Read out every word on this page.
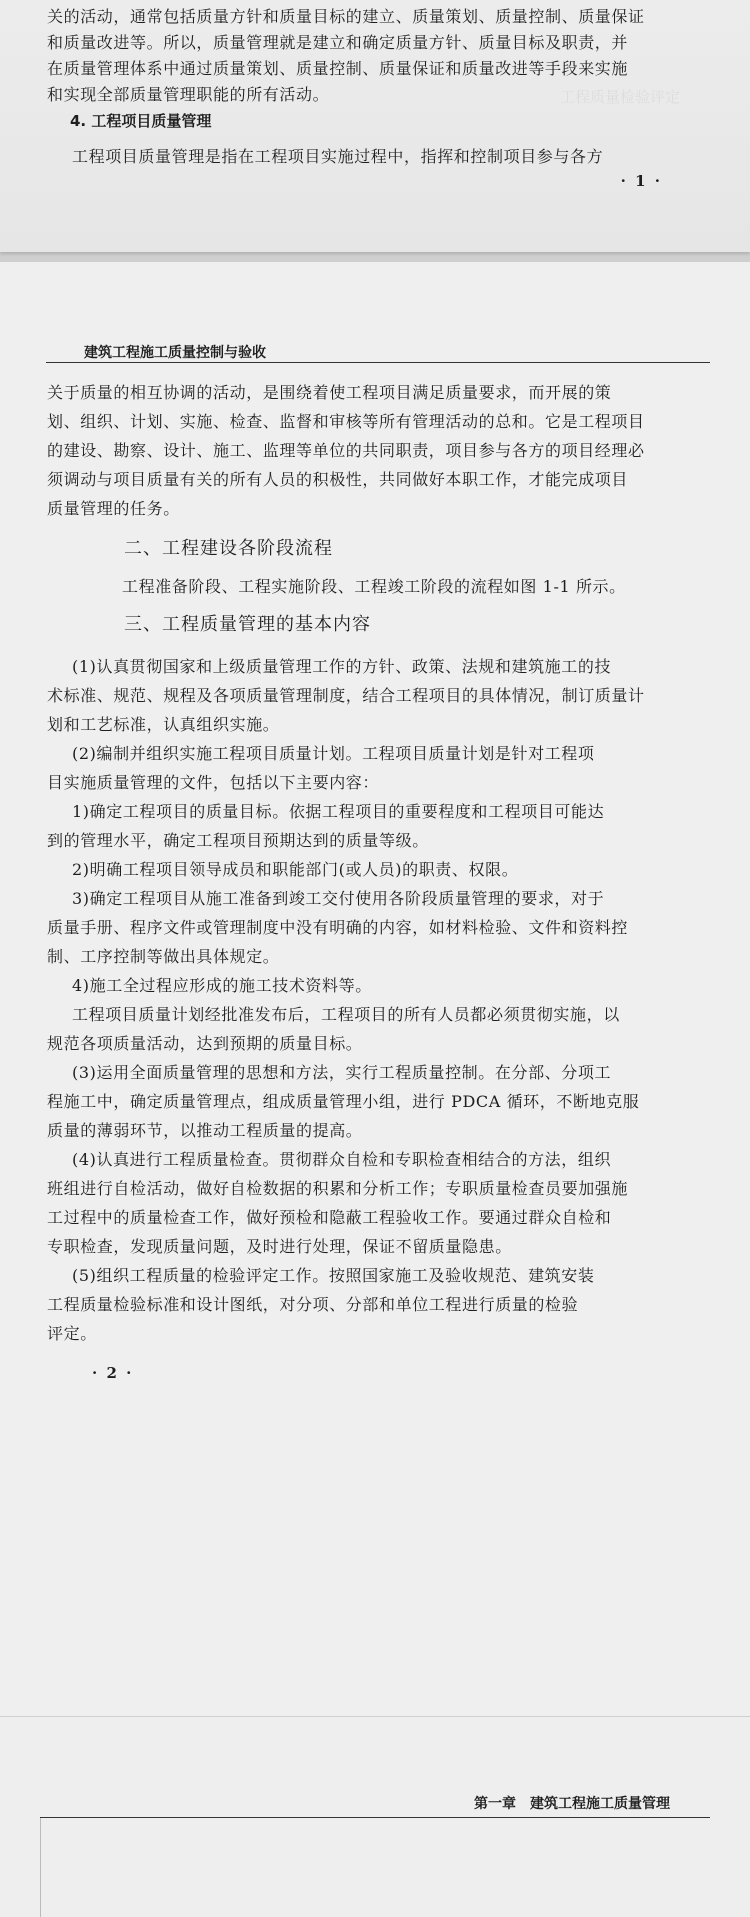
工程质量检验评定
关的活动，通常包括质量方针和质量目标的建立、质量策划、质量控制、质量保证
和质量改进等。所以，质量管理就是建立和确定质量方针、质量目标及职责，并
在质量管理体系中通过质量策划、质量控制、质量保证和质量改进等手段来实施
和实现全部质量管理职能的所有活动。
4. 工程项目质量管理
工程项目质量管理是指在工程项目实施过程中，指挥和控制项目参与各方
· 1 ·
建筑工程施工质量控制与验收
关于质量的相互协调的活动，是围绕着使工程项目满足质量要求，而开展的策
划、组织、计划、实施、检查、监督和审核等所有管理活动的总和。它是工程项目
的建设、勘察、设计、施工、监理等单位的共同职责，项目参与各方的项目经理必
须调动与项目质量有关的所有人员的积极性，共同做好本职工作，才能完成项目
质量管理的任务。
二、工程建设各阶段流程
工程准备阶段、工程实施阶段、工程竣工阶段的流程如图 1-1 所示。
三、工程质量管理的基本内容
(1)认真贯彻国家和上级质量管理工作的方针、政策、法规和建筑施工的技
术标准、规范、规程及各项质量管理制度，结合工程项目的具体情况，制订质量计
划和工艺标准，认真组织实施。
(2)编制并组织实施工程项目质量计划。工程项目质量计划是针对工程项
目实施质量管理的文件，包括以下主要内容：
1)确定工程项目的质量目标。依据工程项目的重要程度和工程项目可能达
到的管理水平，确定工程项目预期达到的质量等级。
2)明确工程项目领导成员和职能部门(或人员)的职责、权限。
3)确定工程项目从施工准备到竣工交付使用各阶段质量管理的要求，对于
质量手册、程序文件或管理制度中没有明确的内容，如材料检验、文件和资料控
制、工序控制等做出具体规定。
4)施工全过程应形成的施工技术资料等。
工程项目质量计划经批准发布后，工程项目的所有人员都必须贯彻实施，以
规范各项质量活动，达到预期的质量目标。
(3)运用全面质量管理的思想和方法，实行工程质量控制。在分部、分项工
程施工中，确定质量管理点，组成质量管理小组，进行 PDCA 循环，不断地克服
质量的薄弱环节，以推动工程质量的提高。
(4)认真进行工程质量检查。贯彻群众自检和专职检查相结合的方法，组织
班组进行自检活动，做好自检数据的积累和分析工作；专职质量检查员要加强施
工过程中的质量检查工作，做好预检和隐蔽工程验收工作。要通过群众自检和
专职检查，发现质量问题，及时进行处理，保证不留质量隐患。
(5)组织工程质量的检验评定工作。按照国家施工及验收规范、建筑安装
工程质量检验标准和设计图纸，对分项、分部和单位工程进行质量的检验
评定。
· 2 ·
第一章　建筑工程施工质量管理
